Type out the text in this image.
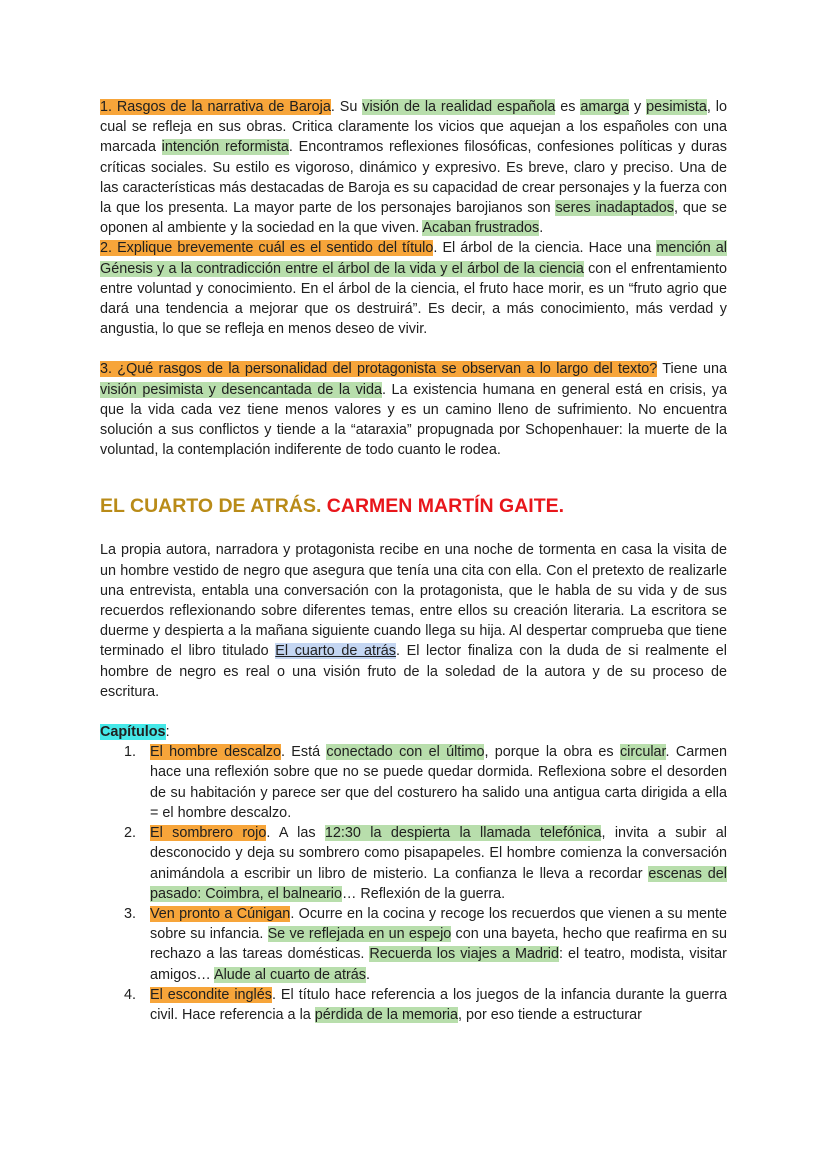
1. Rasgos de la narrativa de Baroja. Su visión de la realidad española es amarga y pesimista, lo cual se refleja en sus obras. Critica claramente los vicios que aquejan a los españoles con una marcada intención reformista. Encontramos reflexiones filosóficas, confesiones políticas y duras críticas sociales. Su estilo es vigoroso, dinámico y expresivo. Es breve, claro y preciso. Una de las características más destacadas de Baroja es su capacidad de crear personajes y la fuerza con la que los presenta. La mayor parte de los personajes barojianos son seres inadaptados, que se oponen al ambiente y la sociedad en la que viven. Acaban frustrados.

2. Explique brevemente cuál es el sentido del título. El árbol de la ciencia. Hace una mención al Génesis y a la contradicción entre el árbol de la vida y el árbol de la ciencia con el enfrentamiento entre voluntad y conocimiento. En el árbol de la ciencia, el fruto hace morir, es un “fruto agrio que dará una tendencia a mejorar que os destruirá”. Es decir, a más conocimiento, más verdad y angustia, lo que se refleja en menos deseo de vivir.

3. ¿Qué rasgos de la personalidad del protagonista se observan a lo largo del texto? Tiene una visión pesimista y desencantada de la vida. La existencia humana en general está en crisis, ya que la vida cada vez tiene menos valores y es un camino lleno de sufrimiento. No encuentra solución a sus conflictos y tiende a la “ataraxia” propugnada por Schopenhauer: la muerte de la voluntad, la contemplación indiferente de todo cuanto le rodea.

EL CUARTO DE ATRÁS. CARMEN MARTÍN GAITE.

La propia autora, narradora y protagonista recibe en una noche de tormenta en casa la visita de un hombre vestido de negro que asegura que tenía una cita con ella. Con el pretexto de realizarle una entrevista, entabla una conversación con la protagonista, que le habla de su vida y de sus recuerdos reflexionando sobre diferentes temas, entre ellos su creación literaria. La escritora se duerme y despierta a la mañana siguiente cuando llega su hija. Al despertar comprueba que tiene terminado el libro titulado El cuarto de atrás. El lector finaliza con la duda de si realmente el hombre de negro es real o una visión fruto de la soledad de la autora y de su proceso de escritura.

Capítulos:

1. El hombre descalzo. Está conectado con el último, porque la obra es circular. Carmen hace una reflexión sobre que no se puede quedar dormida. Reflexiona sobre el desorden de su habitación y parece ser que del costurero ha salido una antigua carta dirigida a ella = el hombre descalzo.
2. El sombrero rojo. A las 12:30 la despierta la llamada telefónica, invita a subir al desconocido y deja su sombrero como pisapapeles. El hombre comienza la conversación animándola a escribir un libro de misterio. La confianza le lleva a recordar escenas del pasado: Coimbra, el balneario… Reflexión de la guerra.
3. Ven pronto a Cúnigan. Ocurre en la cocina y recoge los recuerdos que vienen a su mente sobre su infancia. Se ve reflejada en un espejo con una bayeta, hecho que reafirma en su rechazo a las tareas domésticas. Recuerda los viajes a Madrid: el teatro, modista, visitar amigos… Alude al cuarto de atrás.
4. El escondite inglés. El título hace referencia a los juegos de la infancia durante la guerra civil. Hace referencia a la pérdida de la memoria, por eso tiende a estructurar
